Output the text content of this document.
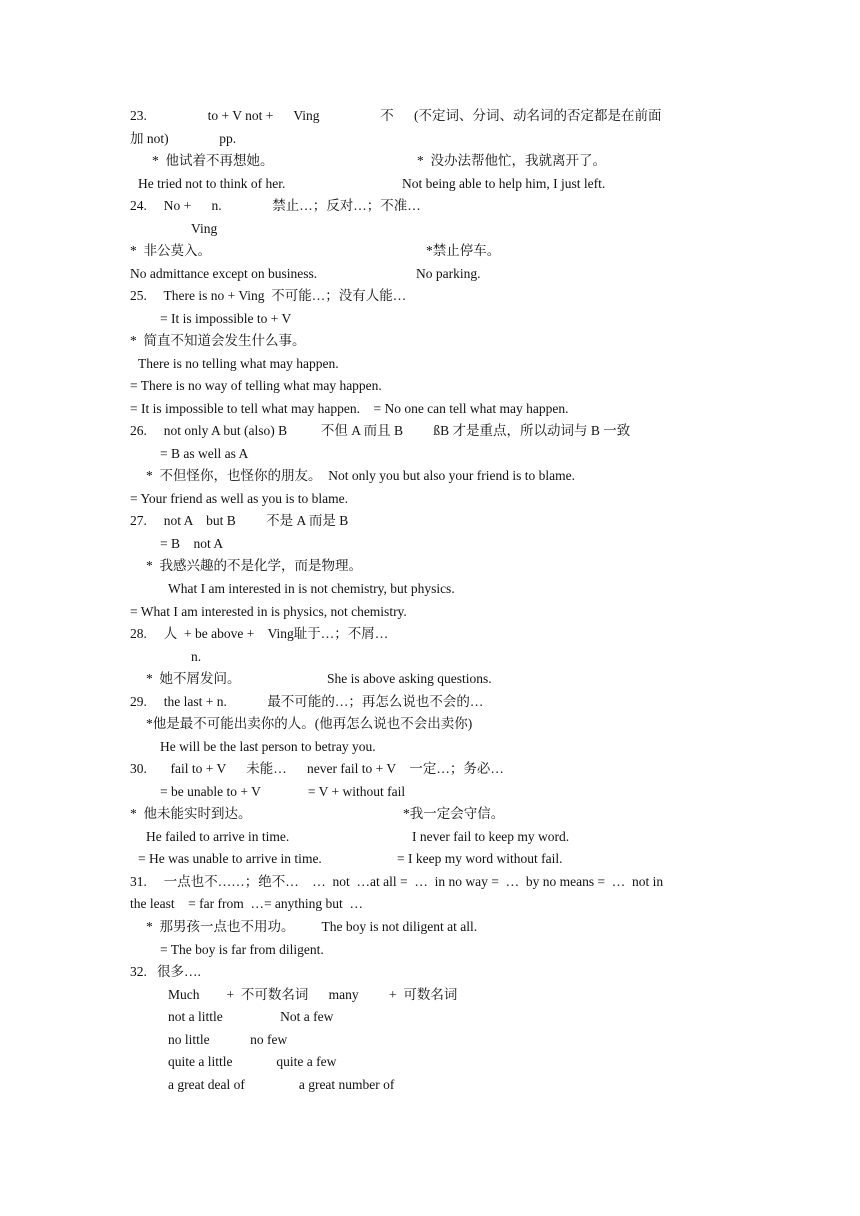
23.                  to + V not +      Ving                  不      (不定词、分词、动名词的否定都是在前面
加 not)               pp.
*  他试着不再想她。	*  没办法帮他忙，我就离开了。
He tried not to think of her.	Not being able to help him, I just left.
24.     No +      n.               禁止…；反对…；不准…
Ving
*  非公莫入。	*禁止停车。
No admittance except on business.	No parking.
25.     There is no + Ving  不可能…；没有人能…
= It is impossible to + V
*  简直不知道会发生什么事。
There is no telling what may happen.
= There is no way of telling what may happen.
= It is impossible to tell what may happen.    = No one can tell what may happen.
26.     not only A but (also) B          不但 A 而且 B         ßB 才是重点，所以动词与 B 一致
= B as well as A
*  不但怪你，也怪你的朋友。  Not only you but also your friend is to blame.
= Your friend as well as you is to blame.
27.     not A    but B         不是 A 而是 B
= B    not A
*  我感兴趣的不是化学，而是物理。
What I am interested in is not chemistry, but physics.
= What I am interested in is physics, not chemistry.
28.     人  + be above +    Ving耻于…；不屑…
n.
*  她不屑发问。	She is above asking questions.
29.     the last + n.            最不可能的…；再怎么说也不会的…
*他是最不可能出卖你的人。(他再怎么说也不会出卖你)
He will be the last person to betray you.
30.       fail to + V      未能…      never fail to + V    一定…；务必…
= be unable to + V              = V + without fail
*  他未能实时到达。	*我一定会守信。
He failed to arrive in time.	I never fail to keep my word.
= He was unable to arrive in time.	= I keep my word without fail.
31.     一点也不……；绝不…    …  not  …at all =  …  in no way =  …  by no means =  …  not in
the least    = far from  …= anything but  …
*  那男孩一点也不用功。        The boy is not diligent at all.
= The boy is far from diligent.
32.   很多….
Much        +  不可数名词      many         +  可数名词
not a little                 Not a few
no little            no few
quite a little             quite a few
a great deal of                a great number of
